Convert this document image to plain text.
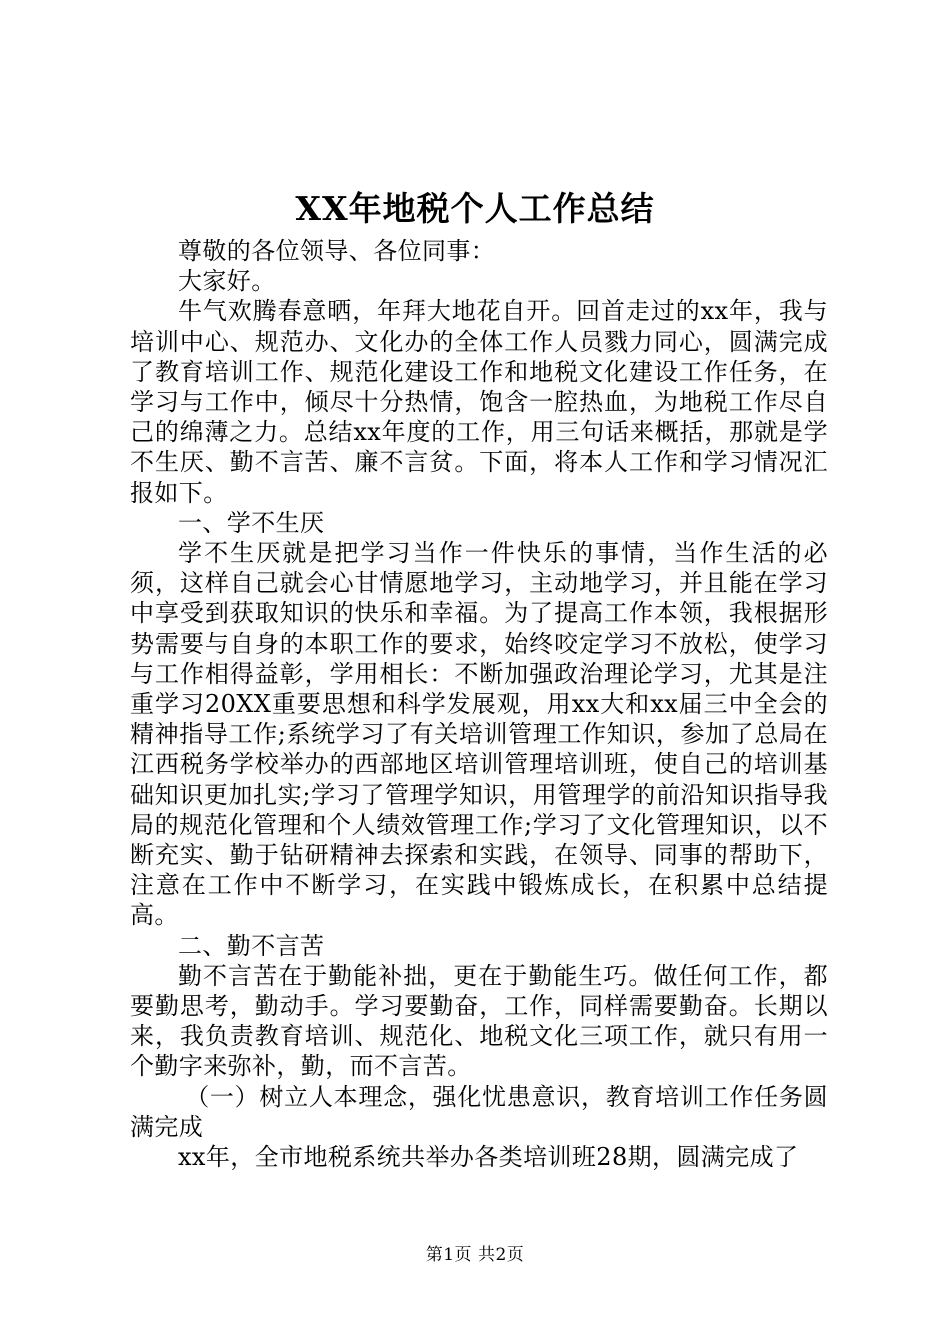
XX年地税个人工作总结

尊敬的各位领导、各位同事：

大家好。

牛气欢腾春意晒，年拜大地花自开。回首走过的xx年，我与培训中心、规范办、文化办的全体工作人员戮力同心，圆满完成了教育培训工作、规范化建设工作和地税文化建设工作任务，在学习与工作中，倾尽十分热情，饱含一腔热血，为地税工作尽自己的绵薄之力。总结xx年度的工作，用三句话来概括，那就是学不生厌、勤不言苦、廉不言贫。下面，将本人工作和学习情况汇报如下。

一、学不生厌

学不生厌就是把学习当作一件快乐的事情，当作生活的必须，这样自己就会心甘情愿地学习，主动地学习，并且能在学习中享受到获取知识的快乐和幸福。为了提高工作本领，我根据形势需要与自身的本职工作的要求，始终咬定学习不放松，使学习与工作相得益彰，学用相长：不断加强政治理论学习，尤其是注重学习20XX重要思想和科学发展观，用xx大和xx届三中全会的精神指导工作;系统学习了有关培训管理工作知识，参加了总局在江西税务学校举办的西部地区培训管理培训班，使自己的培训基础知识更加扎实;学习了管理学知识，用管理学的前沿知识指导我局的规范化管理和个人绩效管理工作;学习了文化管理知识，以不断充实、勤于钻研精神去探索和实践，在领导、同事的帮助下，注意在工作中不断学习，在实践中锻炼成长，在积累中总结提高。

二、勤不言苦

勤不言苦在于勤能补拙，更在于勤能生巧。做任何工作，都要勤思考，勤动手。学习要勤奋，工作，同样需要勤奋。长期以来，我负责教育培训、规范化、地税文化三项工作，就只有用一个勤字来弥补，勤，而不言苦。

（一）树立人本理念，强化忧患意识，教育培训工作任务圆满完成

xx年，全市地税系统共举办各类培训班28期，圆满完成了

第1页 共2页
